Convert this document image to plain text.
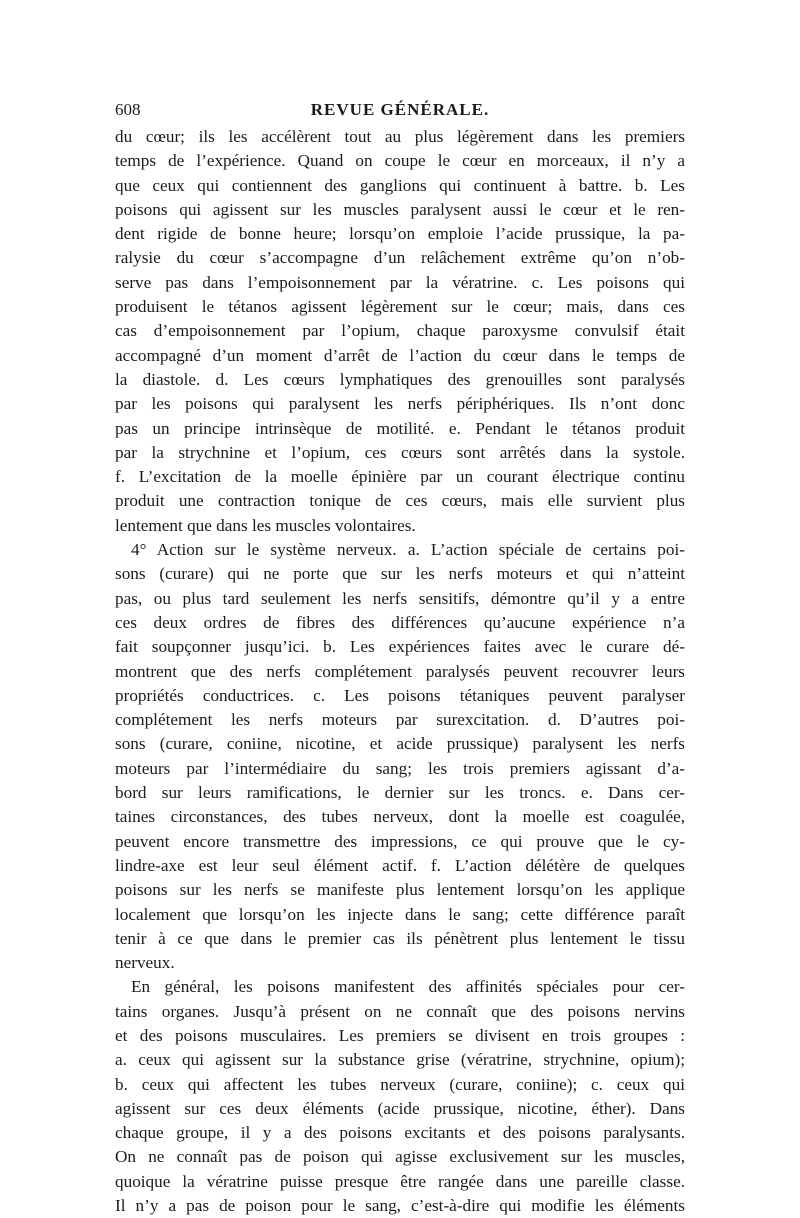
608	REVUE GÉNÉRALE.
du cœur; ils les accélèrent tout au plus légèrement dans les premiers
temps de l’expérience. Quand on coupe le cœur en morceaux, il n’y a
que ceux qui contiennent des ganglions qui continuent à battre. b. Les
poisons qui agissent sur les muscles paralysent aussi le cœur et le ren-
dent rigide de bonne heure; lorsqu’on emploie l’acide prussique, la pa-
ralysie du cœur s’accompagne d’un relâchement extrême qu’on n’ob-
serve pas dans l’empoisonnement par la vératrine. c. Les poisons qui
produisent le tétanos agissent légèrement sur le cœur; mais, dans ces
cas d’empoisonnement par l’opium, chaque paroxysme convulsif était
accompagné d’un moment d’arrêt de l’action du cœur dans le temps de
la diastole. d. Les cœurs lymphatiques des grenouilles sont paralysés
par les poisons qui paralysent les nerfs périphériques. Ils n’ont donc
pas un principe intrinsèque de motilité. e. Pendant le tétanos produit
par la strychnine et l’opium, ces cœurs sont arrêtés dans la systole.
f. L’excitation de la moelle épinière par un courant électrique continu
produit une contraction tonique de ces cœurs, mais elle survient plus
lentement que dans les muscles volontaires.
4° Action sur le système nerveux. a. L’action spéciale de certains poi-
sons (curare) qui ne porte que sur les nerfs moteurs et qui n’atteint
pas, ou plus tard seulement les nerfs sensitifs, démontre qu’il y a entre
ces deux ordres de fibres des différences qu’aucune expérience n’a
fait soupçonner jusqu’ici. b. Les expériences faites avec le curare dé-
montrent que des nerfs complétement paralysés peuvent recouvrer leurs
propriétés conductrices. c. Les poisons tétaniques peuvent paralyser
complétement les nerfs moteurs par surexcitation. d. D’autres poi-
sons (curare, coniine, nicotine, et acide prussique) paralysent les nerfs
moteurs par l’intermédiaire du sang; les trois premiers agissant d’a-
bord sur leurs ramifications, le dernier sur les troncs. e. Dans cer-
taines circonstances, des tubes nerveux, dont la moelle est coagulée,
peuvent encore transmettre des impressions, ce qui prouve que le cy-
lindre-axe est leur seul élément actif. f. L’action délétère de quelques
poisons sur les nerfs se manifeste plus lentement lorsqu’on les applique
localement que lorsqu’on les injecte dans le sang; cette différence paraît
tenir à ce que dans le premier cas ils pénètrent plus lentement le tissu
nerveux.
En général, les poisons manifestent des affinités spéciales pour cer-
tains organes. Jusqu’à présent on ne connaît que des poisons nervins
et des poisons musculaires. Les premiers se divisent en trois groupes :
a. ceux qui agissent sur la substance grise (vératrine, strychnine, opium);
b. ceux qui affectent les tubes nerveux (curare, coniine); c. ceux qui
agissent sur ces deux éléments (acide prussique, nicotine, éther). Dans
chaque groupe, il y a des poisons excitants et des poisons paralysants.
On ne connaît pas de poison qui agisse exclusivement sur les muscles,
quoique la vératrine puisse presque être rangée dans une pareille classe.
Il n’y a pas de poison pour le sang, c’est-à-dire qui modifie les éléments
